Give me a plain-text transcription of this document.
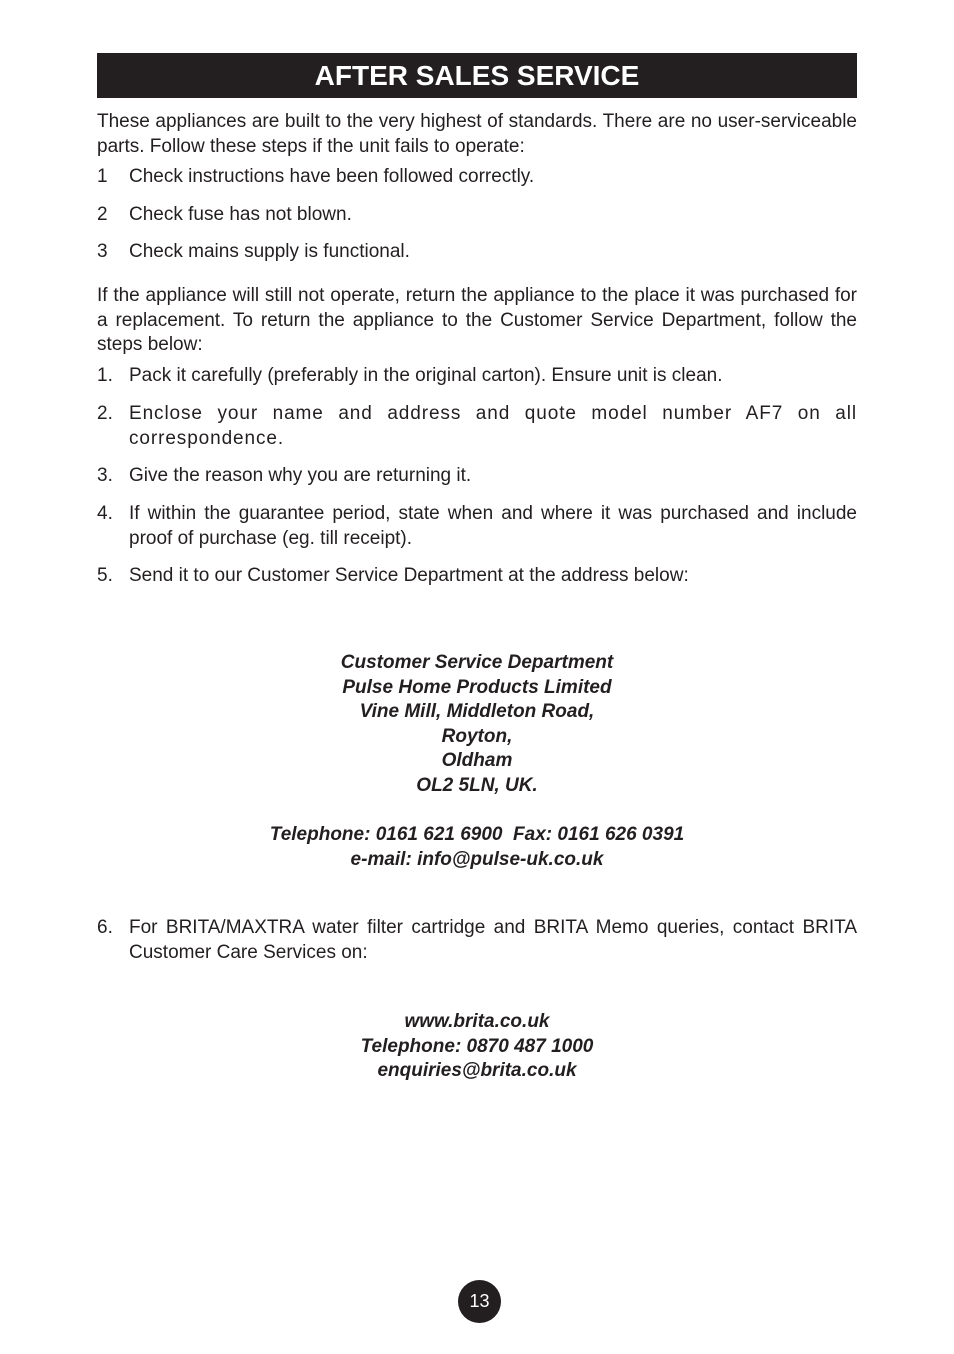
AFTER SALES SERVICE

These appliances are built to the very highest of standards. There are no user-serviceable parts. Follow these steps if the unit fails to operate:

1 Check instructions have been followed correctly.
2 Check fuse has not blown.
3 Check mains supply is functional.

If the appliance will still not operate, return the appliance to the place it was purchased for a replacement. To return the appliance to the Customer Service Department, follow the steps below:

1. Pack it carefully (preferably in the original carton). Ensure unit is clean.
2. Enclose your name and address and quote model number AF7 on all correspondence.
3. Give the reason why you are returning it.
4. If within the guarantee period, state when and where it was purchased and include proof of purchase (eg. till receipt).
5. Send it to our Customer Service Department at the address below:
Customer Service Department
Pulse Home Products Limited
Vine Mill, Middleton Road,
Royton,
Oldham
OL2 5LN, UK.
Telephone: 0161 621 6900  Fax: 0161 626 0391
e-mail: info@pulse-uk.co.uk
6. For BRITA/MAXTRA water filter cartridge and BRITA Memo queries, contact BRITA Customer Care Services on:
www.brita.co.uk
Telephone: 0870 487 1000
enquiries@brita.co.uk
13
